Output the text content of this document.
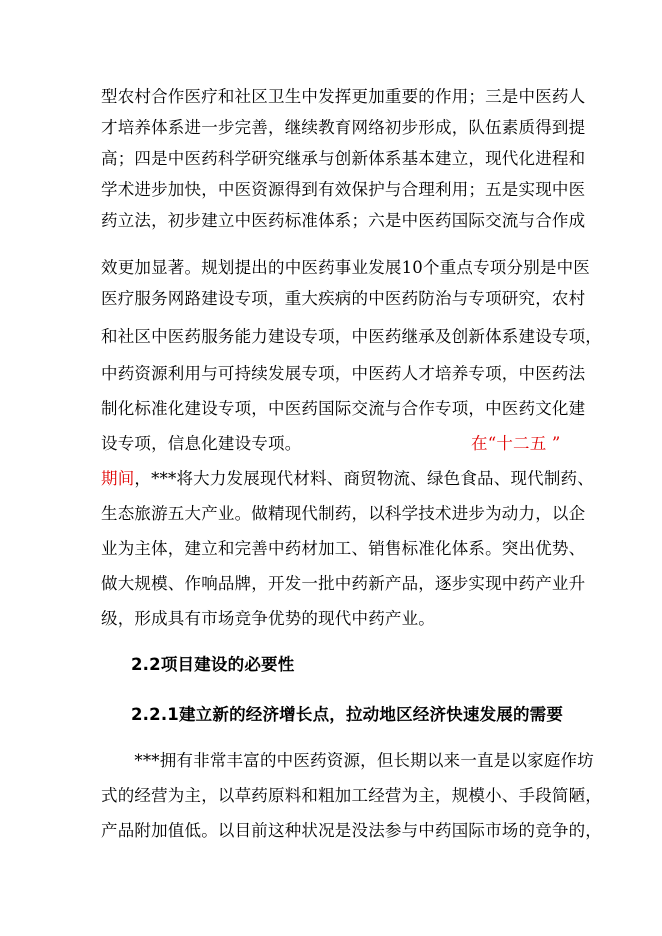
型农村合作医疗和社区卫生中发挥更加重要的作用；三是中医药人
才培养体系进一步完善，继续教育网络初步形成，队伍素质得到提
高；四是中医药科学研究继承与创新体系基本建立，现代化进程和
学术进步加快，中医资源得到有效保护与合理利用；五是实现中医
药立法，初步建立中医药标准体系；六是中医药国际交流与合作成
效更加显著。规划提出的中医药事业发展10个重点专项分别是中医
医疗服务网路建设专项，重大疾病的中医药防治与专项研究，农村
和社区中医药服务能力建设专项，中医药继承及创新体系建设专项，
中药资源利用与可持续发展专项，中医药人才培养专项，中医药法
制化标准化建设专项，中医药国际交流与合作专项，中医药文化建
设专项，信息化建设专项。	在“十二五 ”
期间，***将大力发展现代材料、商贸物流、绿色食品、现代制药、
生态旅游五大产业。做精现代制药，以科学技术进步为动力，以企
业为主体，建立和完善中药材加工、销售标准化体系。突出优势、
做大规模、作响品牌，开发一批中药新产品，逐步实现中药产业升
级，形成具有市场竞争优势的现代中药产业。
2.2项目建设的必要性
2.2.1建立新的经济增长点，拉动地区经济快速发展的需要
　　***拥有非常丰富的中医药资源，但长期以来一直是以家庭作坊
式的经营为主，以草药原料和粗加工经营为主，规模小、手段简陋，
产品附加值低。以目前这种状况是没法参与中药国际市场的竞争的，
